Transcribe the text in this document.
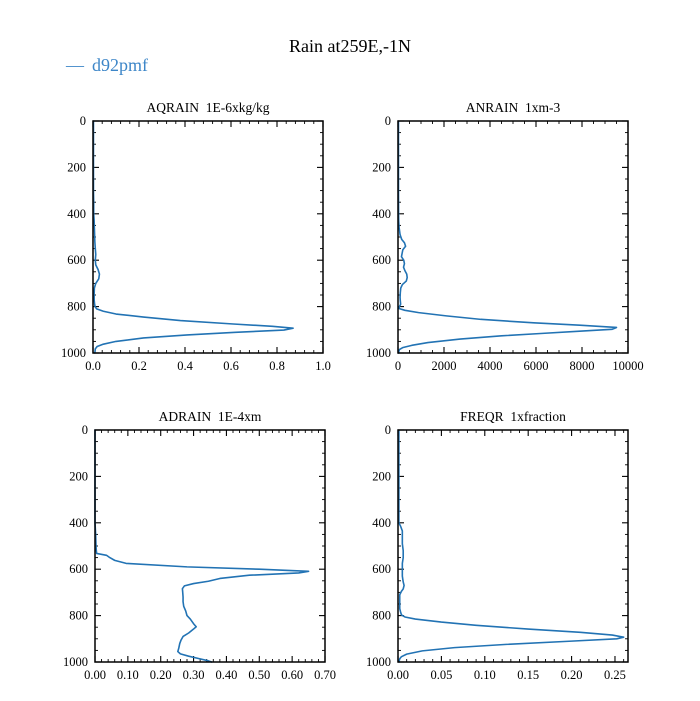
Rain at259E,-1N
— d92pmf
AQRAIN  1E-6xkg/kg
0.0 0.2 0.4 0.6 0.8 1.0
0
200
400
600
800
1000
ANRAIN  1xm-3
0 2000 4000 6000 8000 10000
0
200
400
600
800
1000
ADRAIN  1E-4xm
0.00 0.10 0.20 0.30 0.40 0.50 0.60 0.70
0
200
400
600
800
1000
FREQR  1xfraction
0.00 0.05 0.10 0.15 0.20 0.25
0
200
400
600
800
1000
